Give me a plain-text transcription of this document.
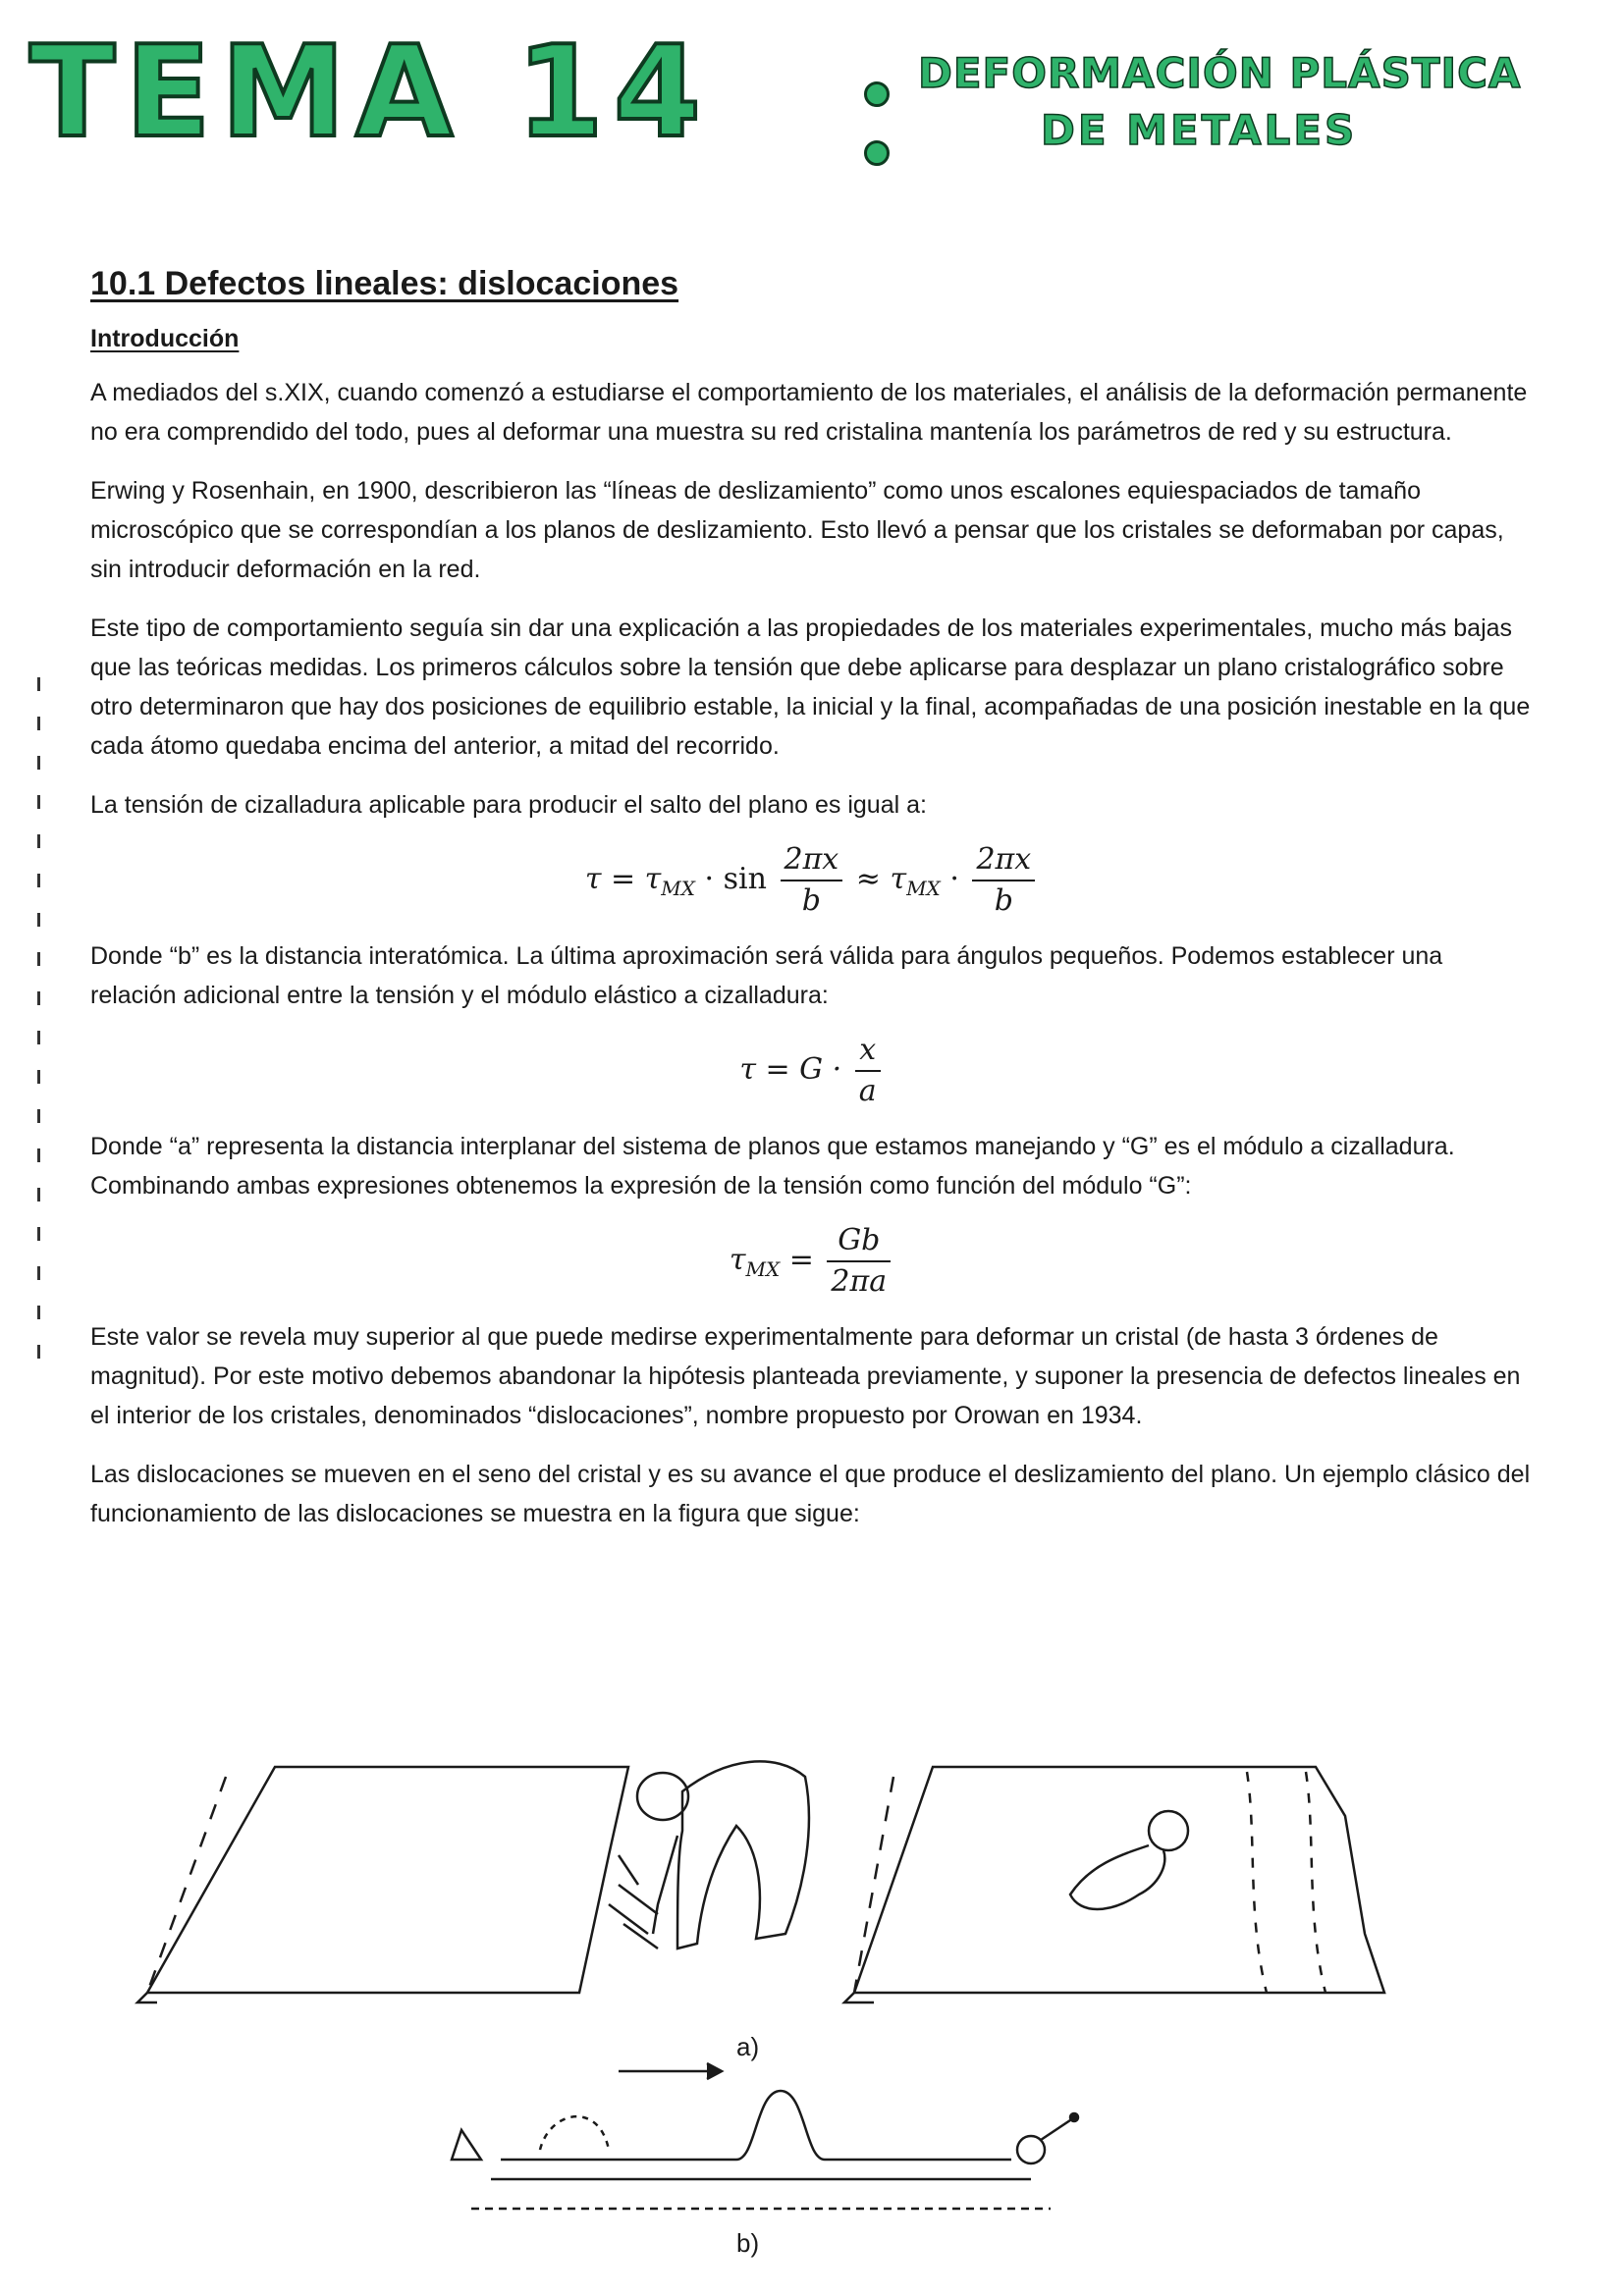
TEMA 14	DEFORMACIÓN PLÁSTICA
DE METALES
10.1 Defectos lineales: dislocaciones
Introducción

A mediados del s.XIX, cuando comenzó a estudiarse el comportamiento de los materiales, el análisis de la deformación permanente no era comprendido del todo, pues al deformar una muestra su red cristalina mantenía los parámetros de red y su estructura.

Erwing y Rosenhain, en 1900, describieron las “líneas de deslizamiento” como unos escalones equiespaciados de tamaño microscópico que se correspondían a los planos de deslizamiento. Esto llevó a pensar que los cristales se deformaban por capas, sin introducir deformación en la red.

Este tipo de comportamiento seguía sin dar una explicación a las propiedades de los materiales experimentales, mucho más bajas que las teóricas medidas. Los primeros cálculos sobre la tensión que debe aplicarse para desplazar un plano cristalográfico sobre otro determinaron que hay dos posiciones de equilibrio estable, la inicial y la final, acompañadas de una posición inestable en la que cada átomo quedaba encima del anterior, a mitad del recorrido.

La tensión de cizalladura aplicable para producir el salto del plano es igual a:

$\tau = \tau_{MX} \cdot \sin \frac{2\pi x}{b} \approx \tau_{MX} \cdot \frac{2\pi x}{b}$

Donde “b” es la distancia interatómica. La última aproximación será válida para ángulos pequeños. Podemos establecer una relación adicional entre la tensión y el módulo elástico a cizalladura:

$\tau = G \cdot \frac{x}{a}$

Donde “a” representa la distancia interplanar del sistema de planos que estamos manejando y “G” es el módulo a cizalladura. Combinando ambas expresiones obtenemos la expresión de la tensión como función del módulo “G”:

$\tau_{MX} = \frac{Gb}{2\pi a}$

Este valor se revela muy superior al que puede medirse experimentalmente para deformar un cristal (de hasta 3 órdenes de magnitud). Por este motivo debemos abandonar la hipótesis planteada previamente, y suponer la presencia de defectos lineales en el interior de los cristales, denominados “dislocaciones”, nombre propuesto por Orowan en 1934.

Las dislocaciones se mueven en el seno del cristal y es su avance el que produce el deslizamiento del plano. Un ejemplo clásico del funcionamiento de las dislocaciones se muestra en la figura que sigue:

a)
b)
